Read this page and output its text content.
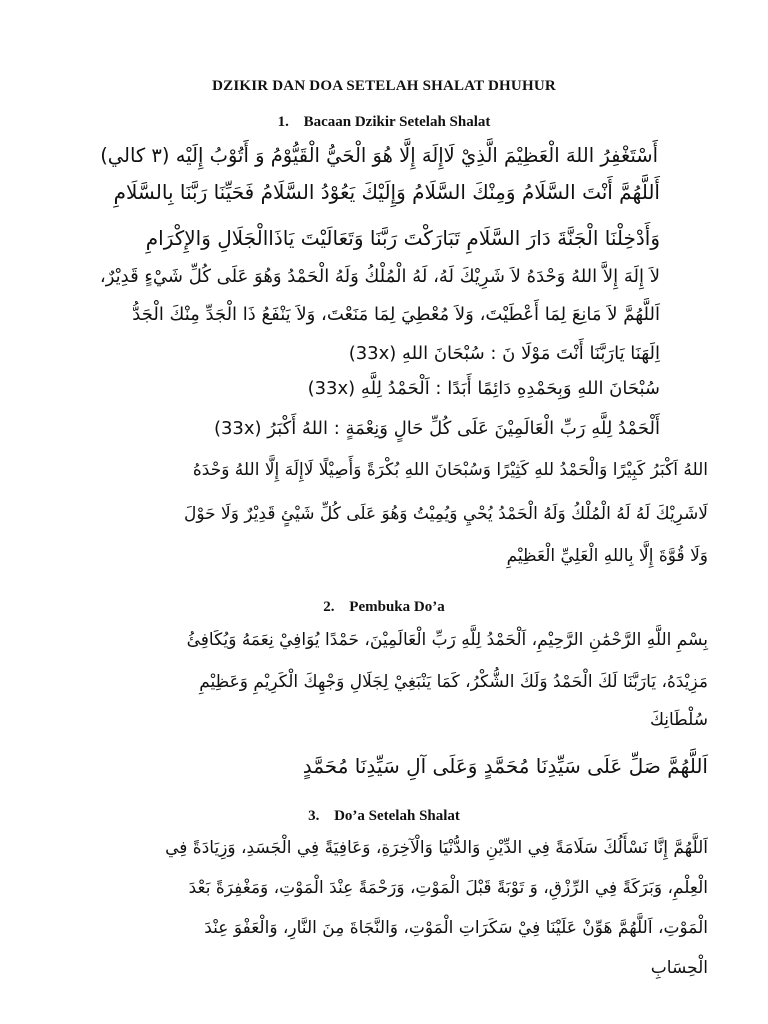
DZIKIR DAN DOA SETELAH SHALAT DHUHUR
1. Bacaan Dzikir Setelah Shalat
أَسْتَغْفِرُ اللهَ الْعَظِيْمَ الَّذِيْ لَاإِلَهَ إِلَّا هُوَ الْحَيُّ الْقَيُّوْمُ وَ أَتُوْبُ إِلَيْه (٣ كالي)
أَللَّهُمَّ أَنْتَ السَّلَامُ وَمِنْكَ السَّلَامُ وَإِلَيْكَ يَعُوْدُ السَّلَامُ فَحَيِّنَا رَبَّنَا بِالسَّلَامِ
وَأَدْخِلْنَا الْجَنَّةَ دَارَ السَّلَامِ تَبَارَكْتَ رَبَّنَا وَتَعَالَيْتَ يَاذَاالْجَلَالِ وَالإِكْرَامِ
لاَ إِلَهَ إِلاَّ اللهُ وَحْدَهُ لاَ شَرِيْكَ لَهُ، لَهُ الْمُلْكُ وَلَهُ الْحَمْدُ وَهُوَ عَلَى كُلِّ شَيْءٍ قَدِيْرٌ،
اَللَّهُمَّ لاَ مَانِعَ لِمَا أَعْطَيْتَ، وَلاَ مُعْطِيَ لِمَا مَنَعْتَ، وَلاَ يَنْفَعُ ذَا الْجَدِّ مِنْكَ الْجَدُّ
اِلَهَنَا يَارَبَّنَا أَنْتَ مَوْلَا نَ : سُبْحَانَ اللهِ (33x)
سُبْحَانَ اللهِ وَبِحَمْدِهِ دَائِمًا أَبَدًا : اَلْحَمْدُ لِلَّهِ (33x)
أَلْحَمْدُ لِلَّهِ رَبِّ الْعَالَمِيْنَ عَلَى كُلِّ حَالٍ وَنِعْمَةٍ : اللهُ أَكْبَرُ (33x)
اللهُ اَكْبَرُ كَبِيْرًا وَالْحَمْدُ للهِ كَثِيْرًا وَسُبْحَانَ اللهِ بُكْرَةً وَأَصِيْلًا لَاإِلَهَ إِلَّا اللهُ وَحْدَهُ
لَاشَرِيْكَ لَهُ لَهُ الْمُلْكُ وَلَهُ الْحَمْدُ يُحْيِ وَيُمِيْتُ وَهُوَ عَلَى كُلِّ شَيْئٍ قَدِيْرٌ وَلَا حَوْلَ
وَلَا قُوَّةَ إِلَّا بِاللهِ الْعَلِيِّ الْعَظِيْمِ
2. Pembuka Do’a
بِسْمِ اللَّهِ الرَّحْمَٰنِ الرَّحِيْمِ، اَلْحَمْدُ لِلَّهِ رَبِّ الْعَالَمِيْنَ، حَمْدًا يُوَافِيْ نِعَمَهُ وَيُكَافِئُ
مَزِيْدَهُ، يَارَبَّنَا لَكَ الْحَمْدُ وَلَكَ الشُّكْرُ، كَمَا يَنْبَغِيْ لِجَلَالِ وَجْهِكَ الْكَرِيْمِ وَعَظِيْمِ
سُلْطَانِكَ
اَللَّهُمَّ صَلِّ عَلَى سَيِّدِنَا مُحَمَّدٍ وَعَلَى آلِ سَيِّدِنَا مُحَمَّدٍ
3. Do’a Setelah Shalat
اَللَّهُمَّ إِنَّا نَسْأَلُكَ سَلَامَةً فِي الدِّيْنِ وَالدُّنْيَا وَالْآخِرَةِ، وَعَافِيَةً فِي الْجَسَدِ، وَزِيَادَةً فِي
الْعِلْمِ، وَبَرَكَةً فِي الرِّزْقِ، وَ تَوْبَةً قَبْلَ الْمَوْتِ، وَرَحْمَةً عِنْدَ الْمَوْتِ، وَمَغْفِرَةً بَعْدَ
الْمَوْتِ، اَللَّهُمَّ هَوِّنْ عَلَيْنَا فِيْ سَكَرَاتِ الْمَوْتِ، وَالنَّجَاةَ مِنَ النَّارِ، وَالْعَفْوَ عِنْدَ
الْحِسَابِ
